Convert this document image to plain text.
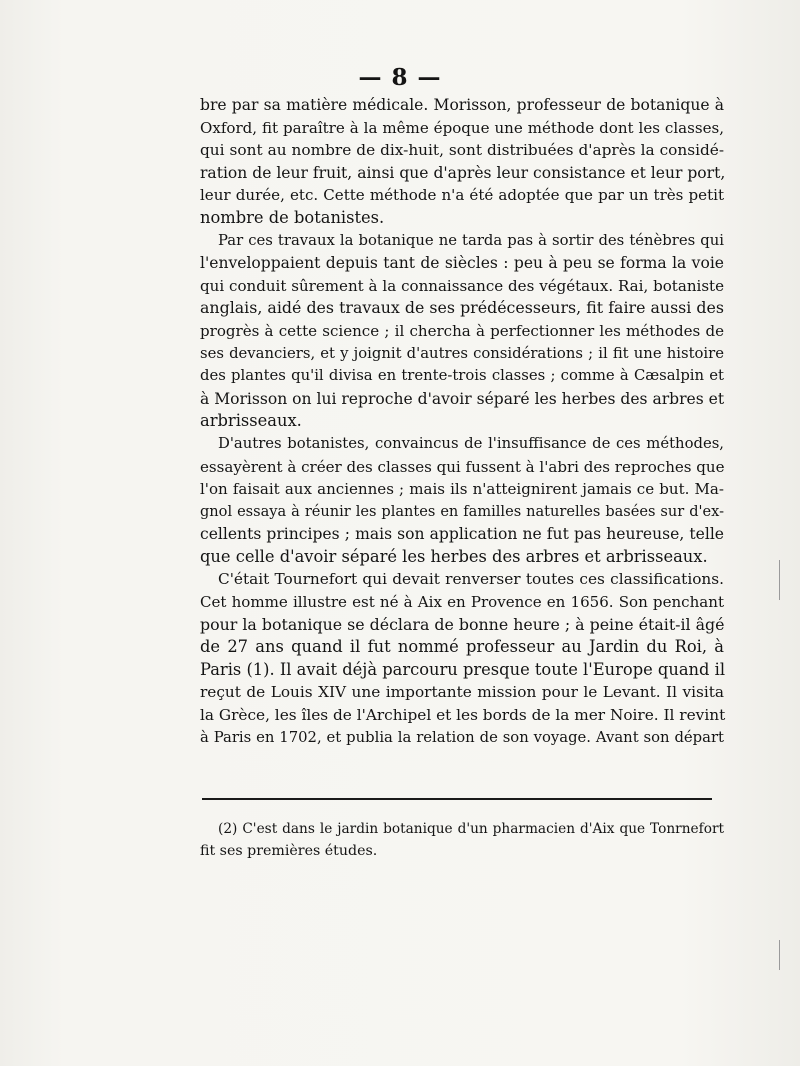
— 8 —
bre par sa matière médicale. Morisson, professeur de botanique à
Oxford, fit paraître à la même époque une méthode dont les classes,
qui sont au nombre de dix-huit, sont distribuées d'après la considé-
ration de leur fruit, ainsi que d'après leur consistance et leur port,
leur durée, etc. Cette méthode n'a été adoptée que par un très petit
nombre de botanistes.
Par ces travaux la botanique ne tarda pas à sortir des ténèbres qui
l'enveloppaient depuis tant de siècles : peu à peu se forma la voie
qui conduit sûrement à la connaissance des végétaux. Rai, botaniste
anglais, aidé des travaux de ses prédécesseurs, fit faire aussi des
progrès à cette science ; il chercha à perfectionner les méthodes de
ses devanciers, et y joignit d'autres considérations ; il fit une histoire
des plantes qu'il divisa en trente-trois classes ; comme à Cæsalpin et
à Morisson on lui reproche d'avoir séparé les herbes des arbres et
arbrisseaux.
D'autres botanistes, convaincus de l'insuffisance de ces méthodes,
essayèrent à créer des classes qui fussent à l'abri des reproches que
l'on faisait aux anciennes ; mais ils n'atteignirent jamais ce but. Ma-
gnol essaya à réunir les plantes en familles naturelles basées sur d'ex-
cellents principes ; mais son application ne fut pas heureuse, telle
que celle d'avoir séparé les herbes des arbres et arbrisseaux.
C'était Tournefort qui devait renverser toutes ces classifications.
Cet homme illustre est né à Aix en Provence en 1656. Son penchant
pour la botanique se déclara de bonne heure ; à peine était-il âgé
de 27 ans quand il fut nommé professeur au Jardin du Roi, à
Paris (1). Il avait déjà parcouru presque toute l'Europe quand il
reçut de Louis XIV une importante mission pour le Levant. Il visita
la Grèce, les îles de l'Archipel et les bords de la mer Noire. Il revint
à Paris en 1702, et publia la relation de son voyage. Avant son départ
(2) C'est dans le jardin botanique d'un pharmacien d'Aix que Tonrnefort
fit ses premières études.
